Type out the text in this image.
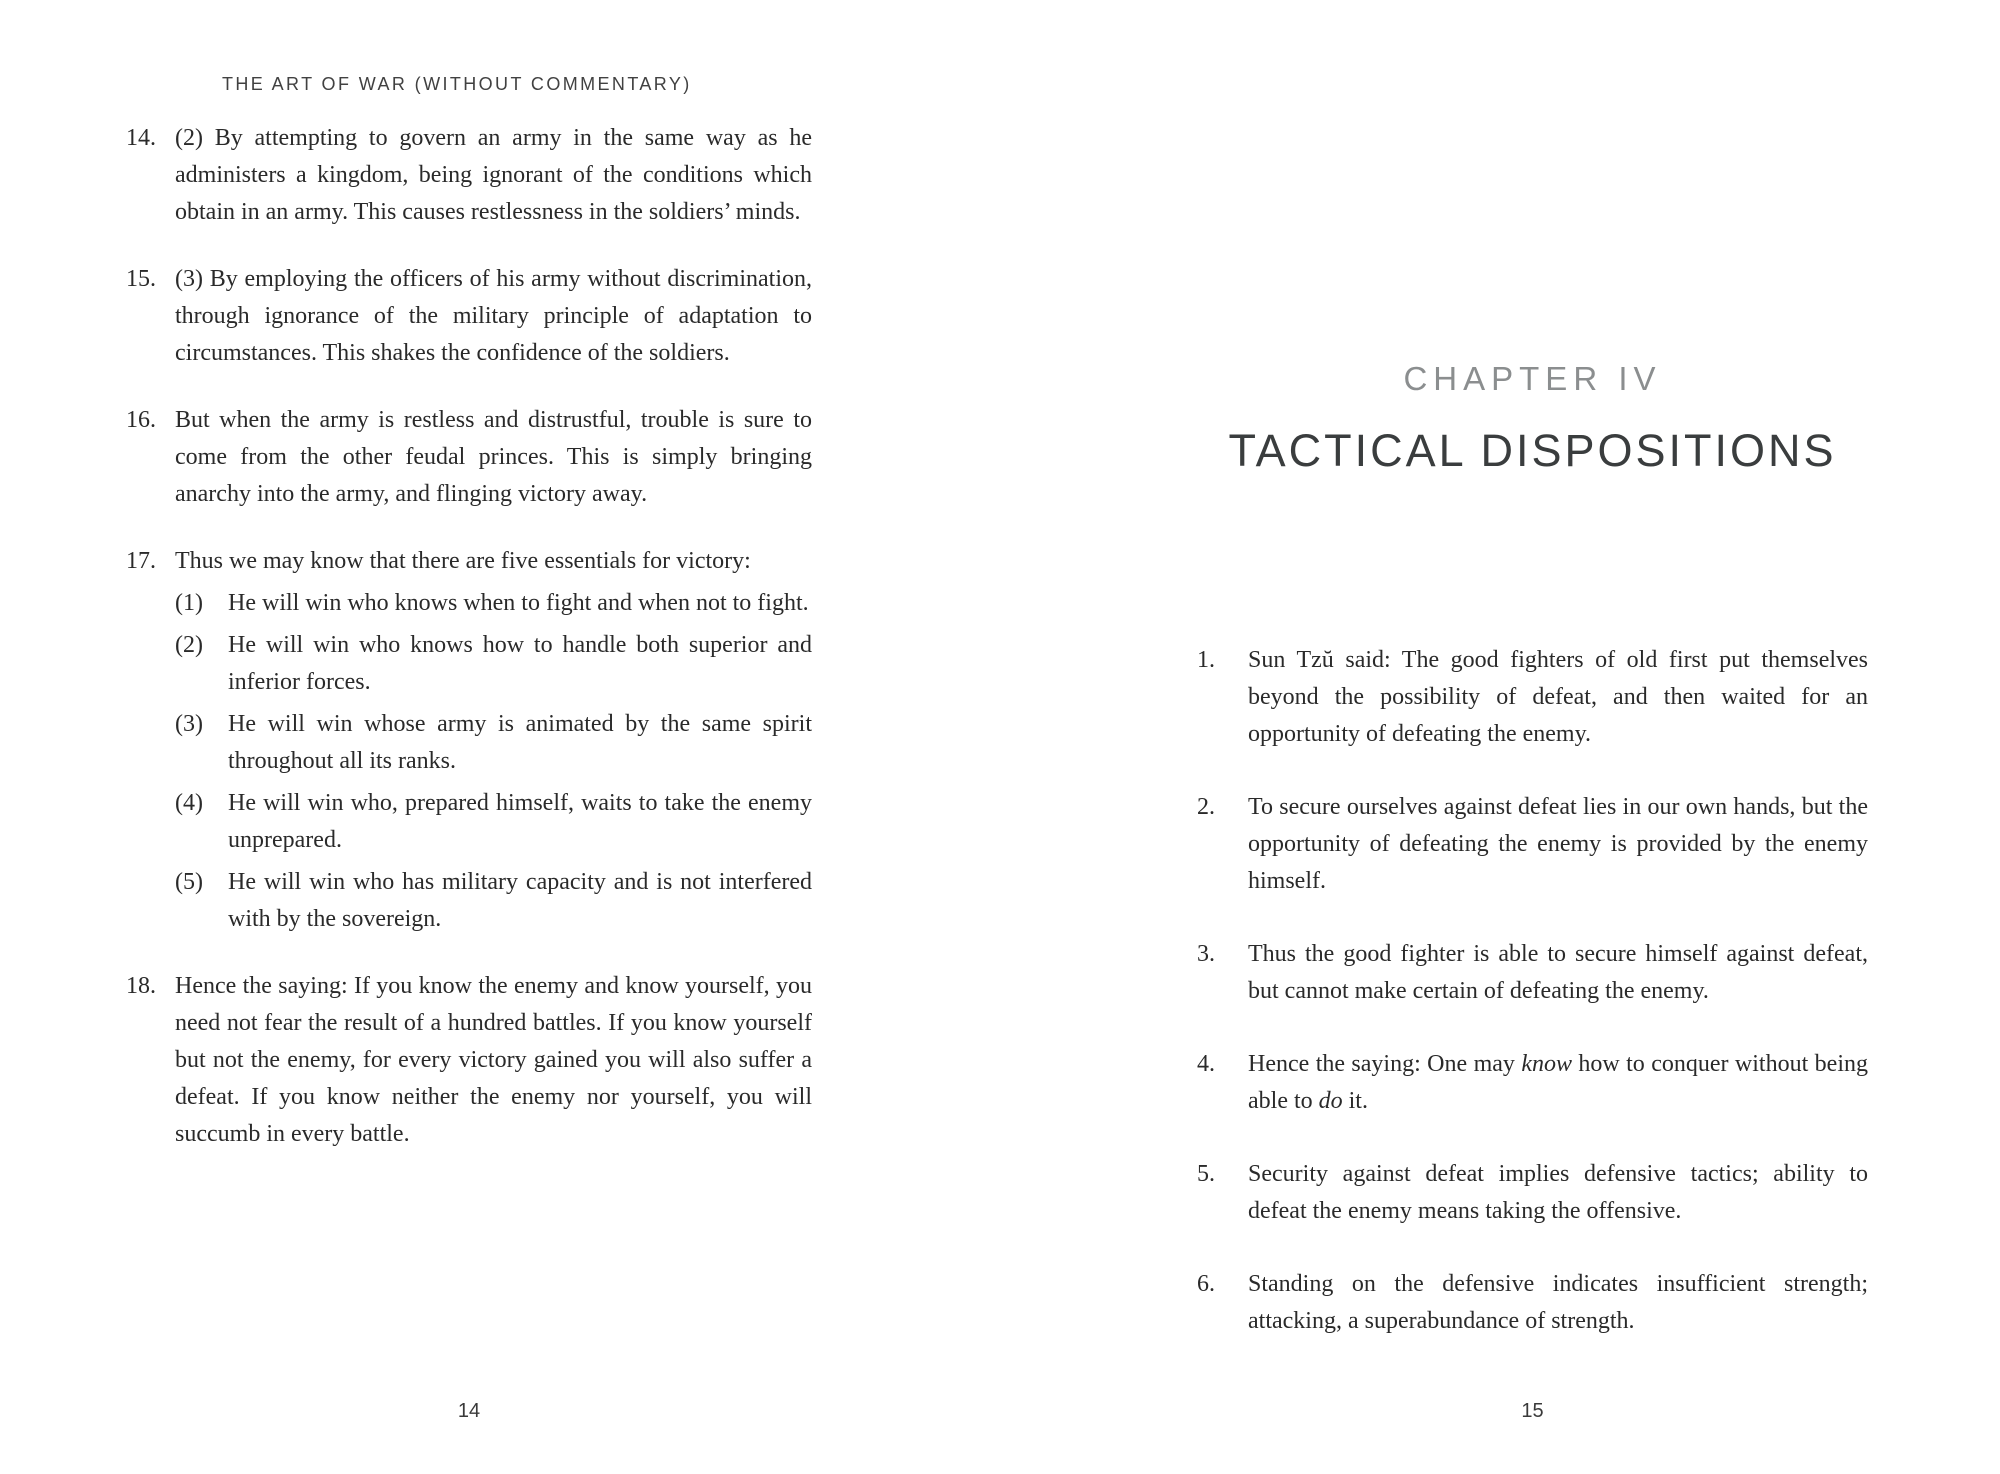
THE ART OF WAR (WITHOUT COMMENTARY)
14. (2) By attempting to govern an army in the same way as he administers a kingdom, being ignorant of the conditions which obtain in an army. This causes restlessness in the soldiers’ minds.
15. (3) By employing the officers of his army without discrimination, through ignorance of the military principle of adaptation to circumstances. This shakes the confidence of the soldiers.
16. But when the army is restless and distrustful, trouble is sure to come from the other feudal princes. This is simply bringing anarchy into the army, and flinging victory away.
17. Thus we may know that there are five essentials for victory:
(1)	He will win who knows when to fight and when not to fight.
(2)	He will win who knows how to handle both superior and inferior forces.
(3)	He will win whose army is animated by the same spirit throughout all its ranks.
(4)	He will win who, prepared himself, waits to take the enemy unprepared.
(5)	He will win who has military capacity and is not interfered with by the sovereign.
18. Hence the saying: If you know the enemy and know yourself, you need not fear the result of a hundred battles. If you know yourself but not the enemy, for every victory gained you will also suffer a defeat. If you know neither the enemy nor yourself, you will succumb in every battle.
14
CHAPTER IV
TACTICAL DISPOSITIONS
1.	Sun Tzŭ said: The good fighters of old first put themselves beyond the possibility of defeat, and then waited for an opportunity of defeating the enemy.
2.	To secure ourselves against defeat lies in our own hands, but the opportunity of defeating the enemy is provided by the enemy himself.
3.	Thus the good fighter is able to secure himself against defeat, but cannot make certain of defeating the enemy.
4.	Hence the saying: One may know how to conquer without being able to do it.
5.	Security against defeat implies defensive tactics; ability to defeat the enemy means taking the offensive.
6.	Standing on the defensive indicates insufficient strength; attacking, a superabundance of strength.
15
